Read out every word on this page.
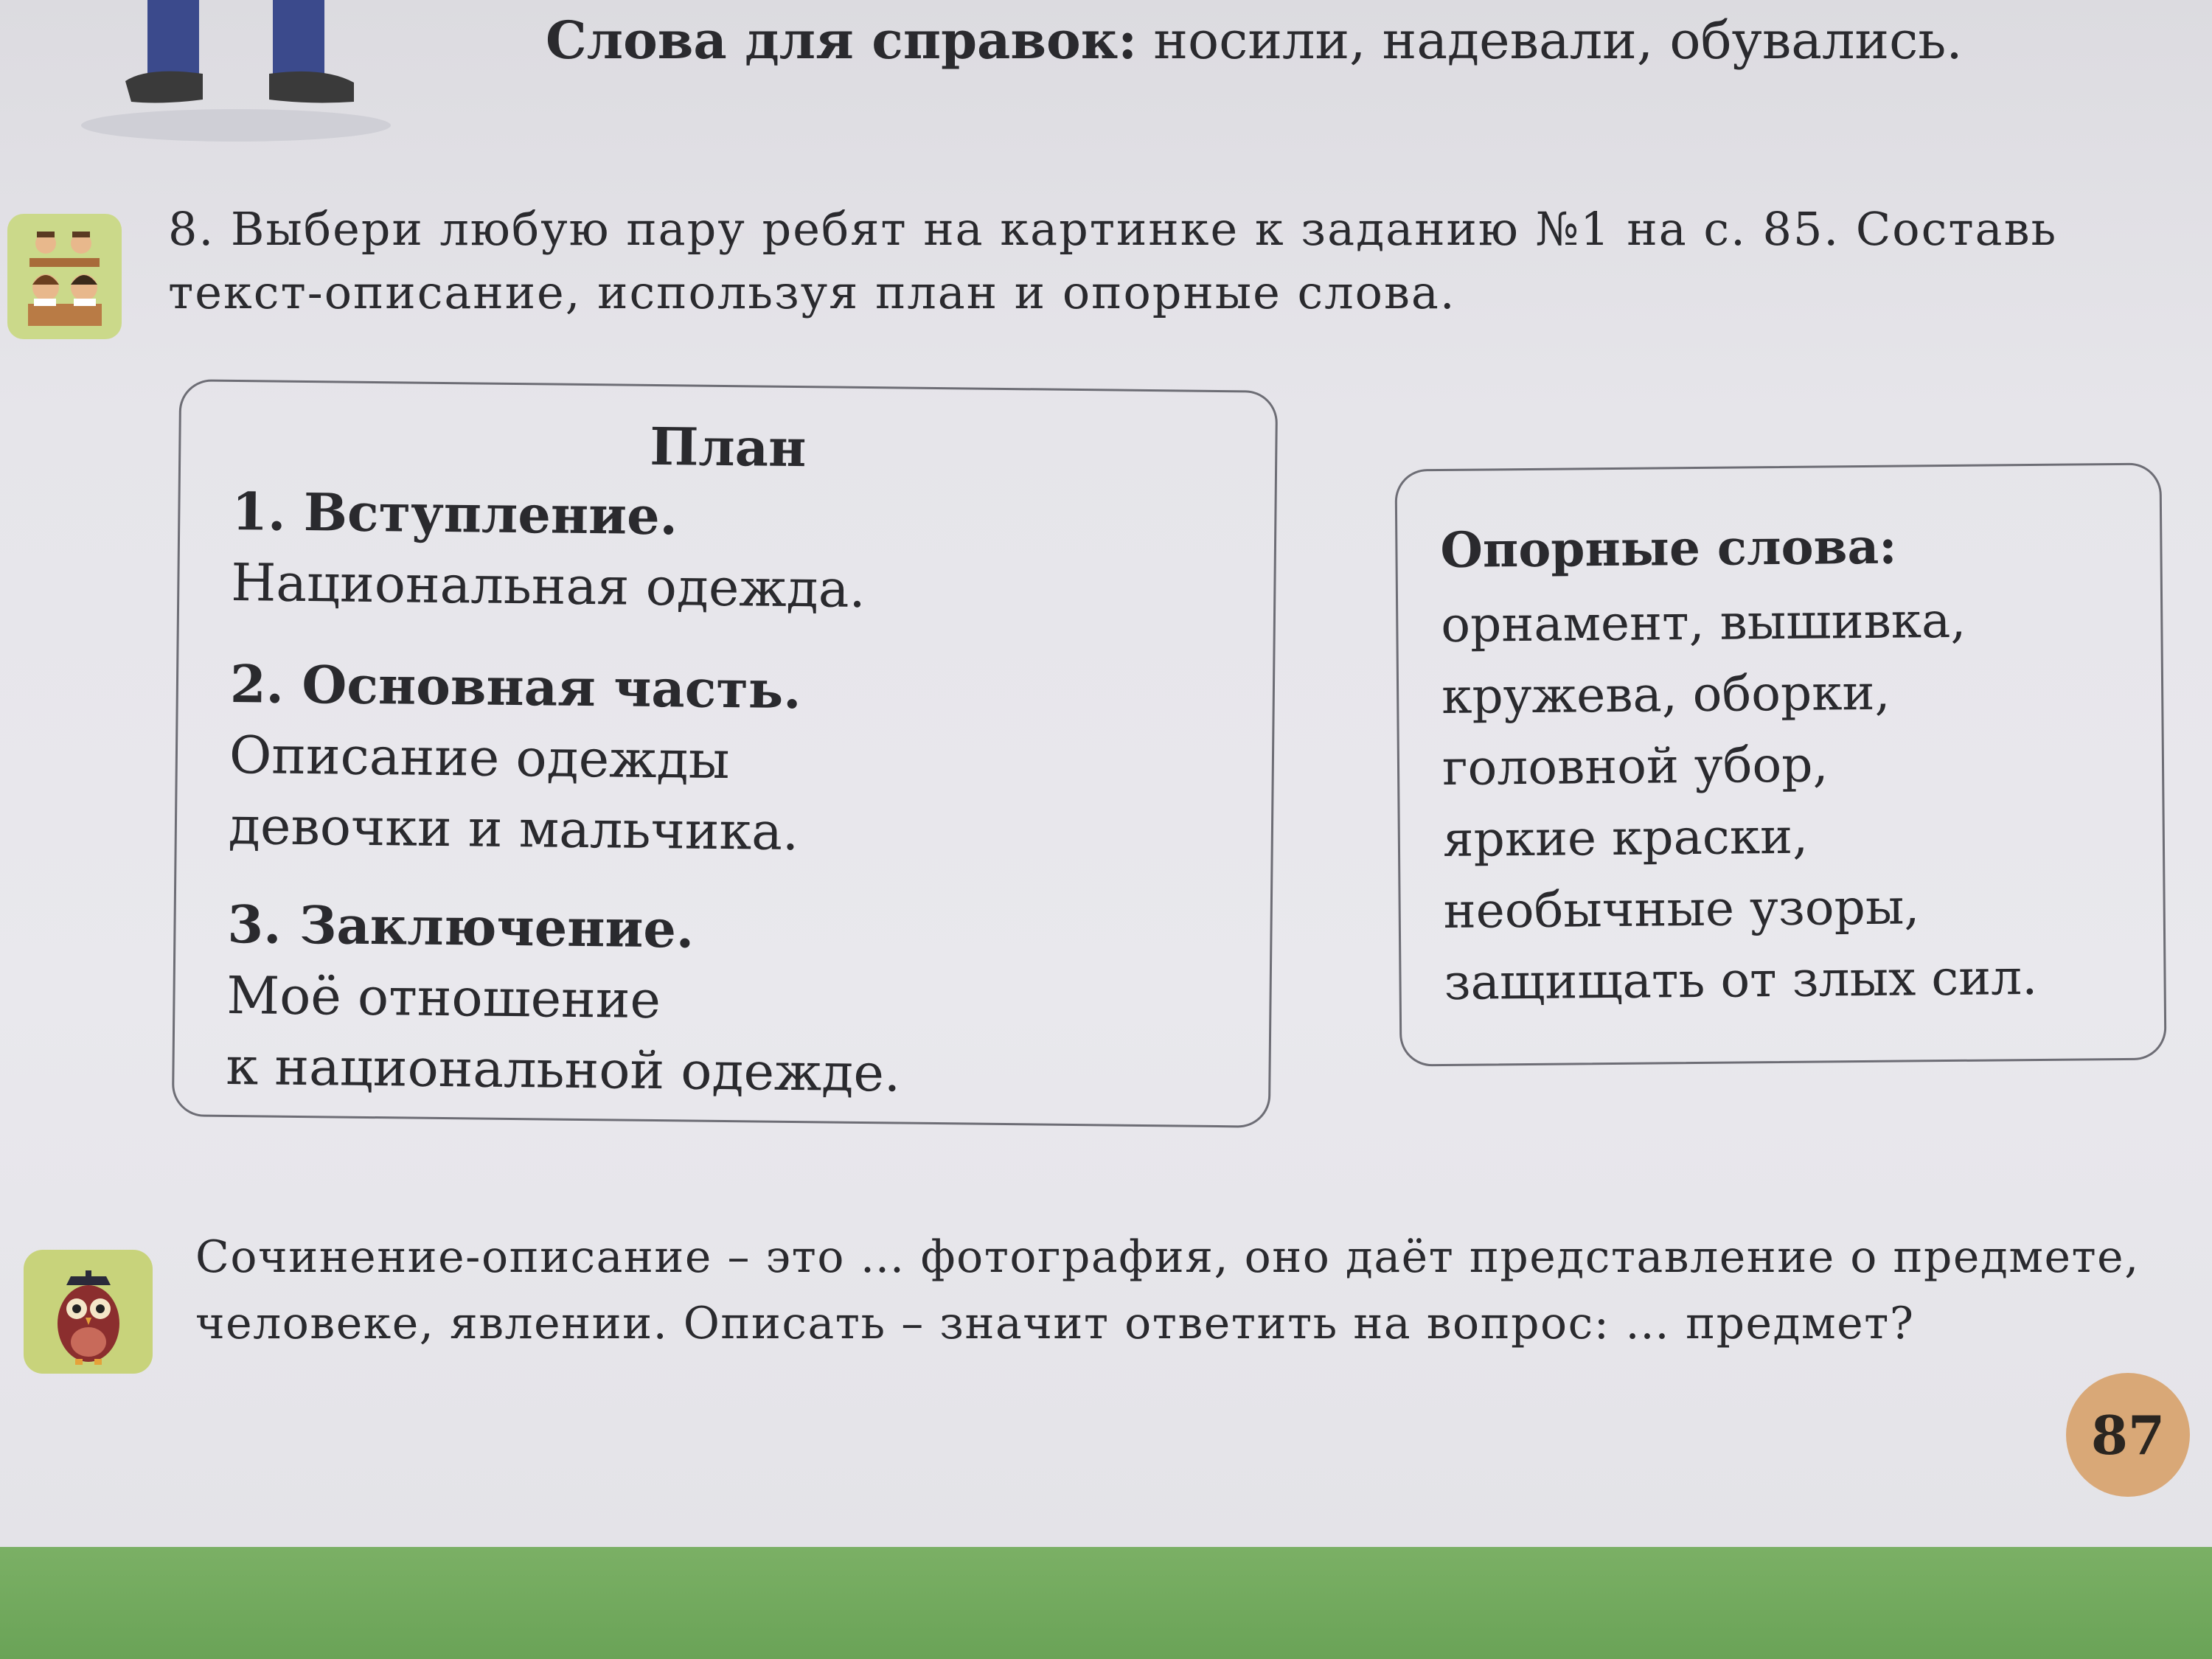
Слова для справок: носили, надевали, обувались.
8. Выбери любую пару ребят на картинке к заданию №1 на с. 85. Составь
текст-описание, используя план и опорные слова.
План
1. Вступление.
Национальная одежда.
2. Основная часть.
Описание одежды
девочки и мальчика.
3. Заключение.
Моё отношение
к национальной одежде.
Опорные слова:
орнамент, вышивка,
кружева, оборки,
головной убор,
яркие краски,
необычные узоры,
защищать от злых сил.
Сочинение-описание – это … фотография, оно даёт представление о предмете,
человеке, явлении. Описать – значит ответить на вопрос: … предмет?
87
